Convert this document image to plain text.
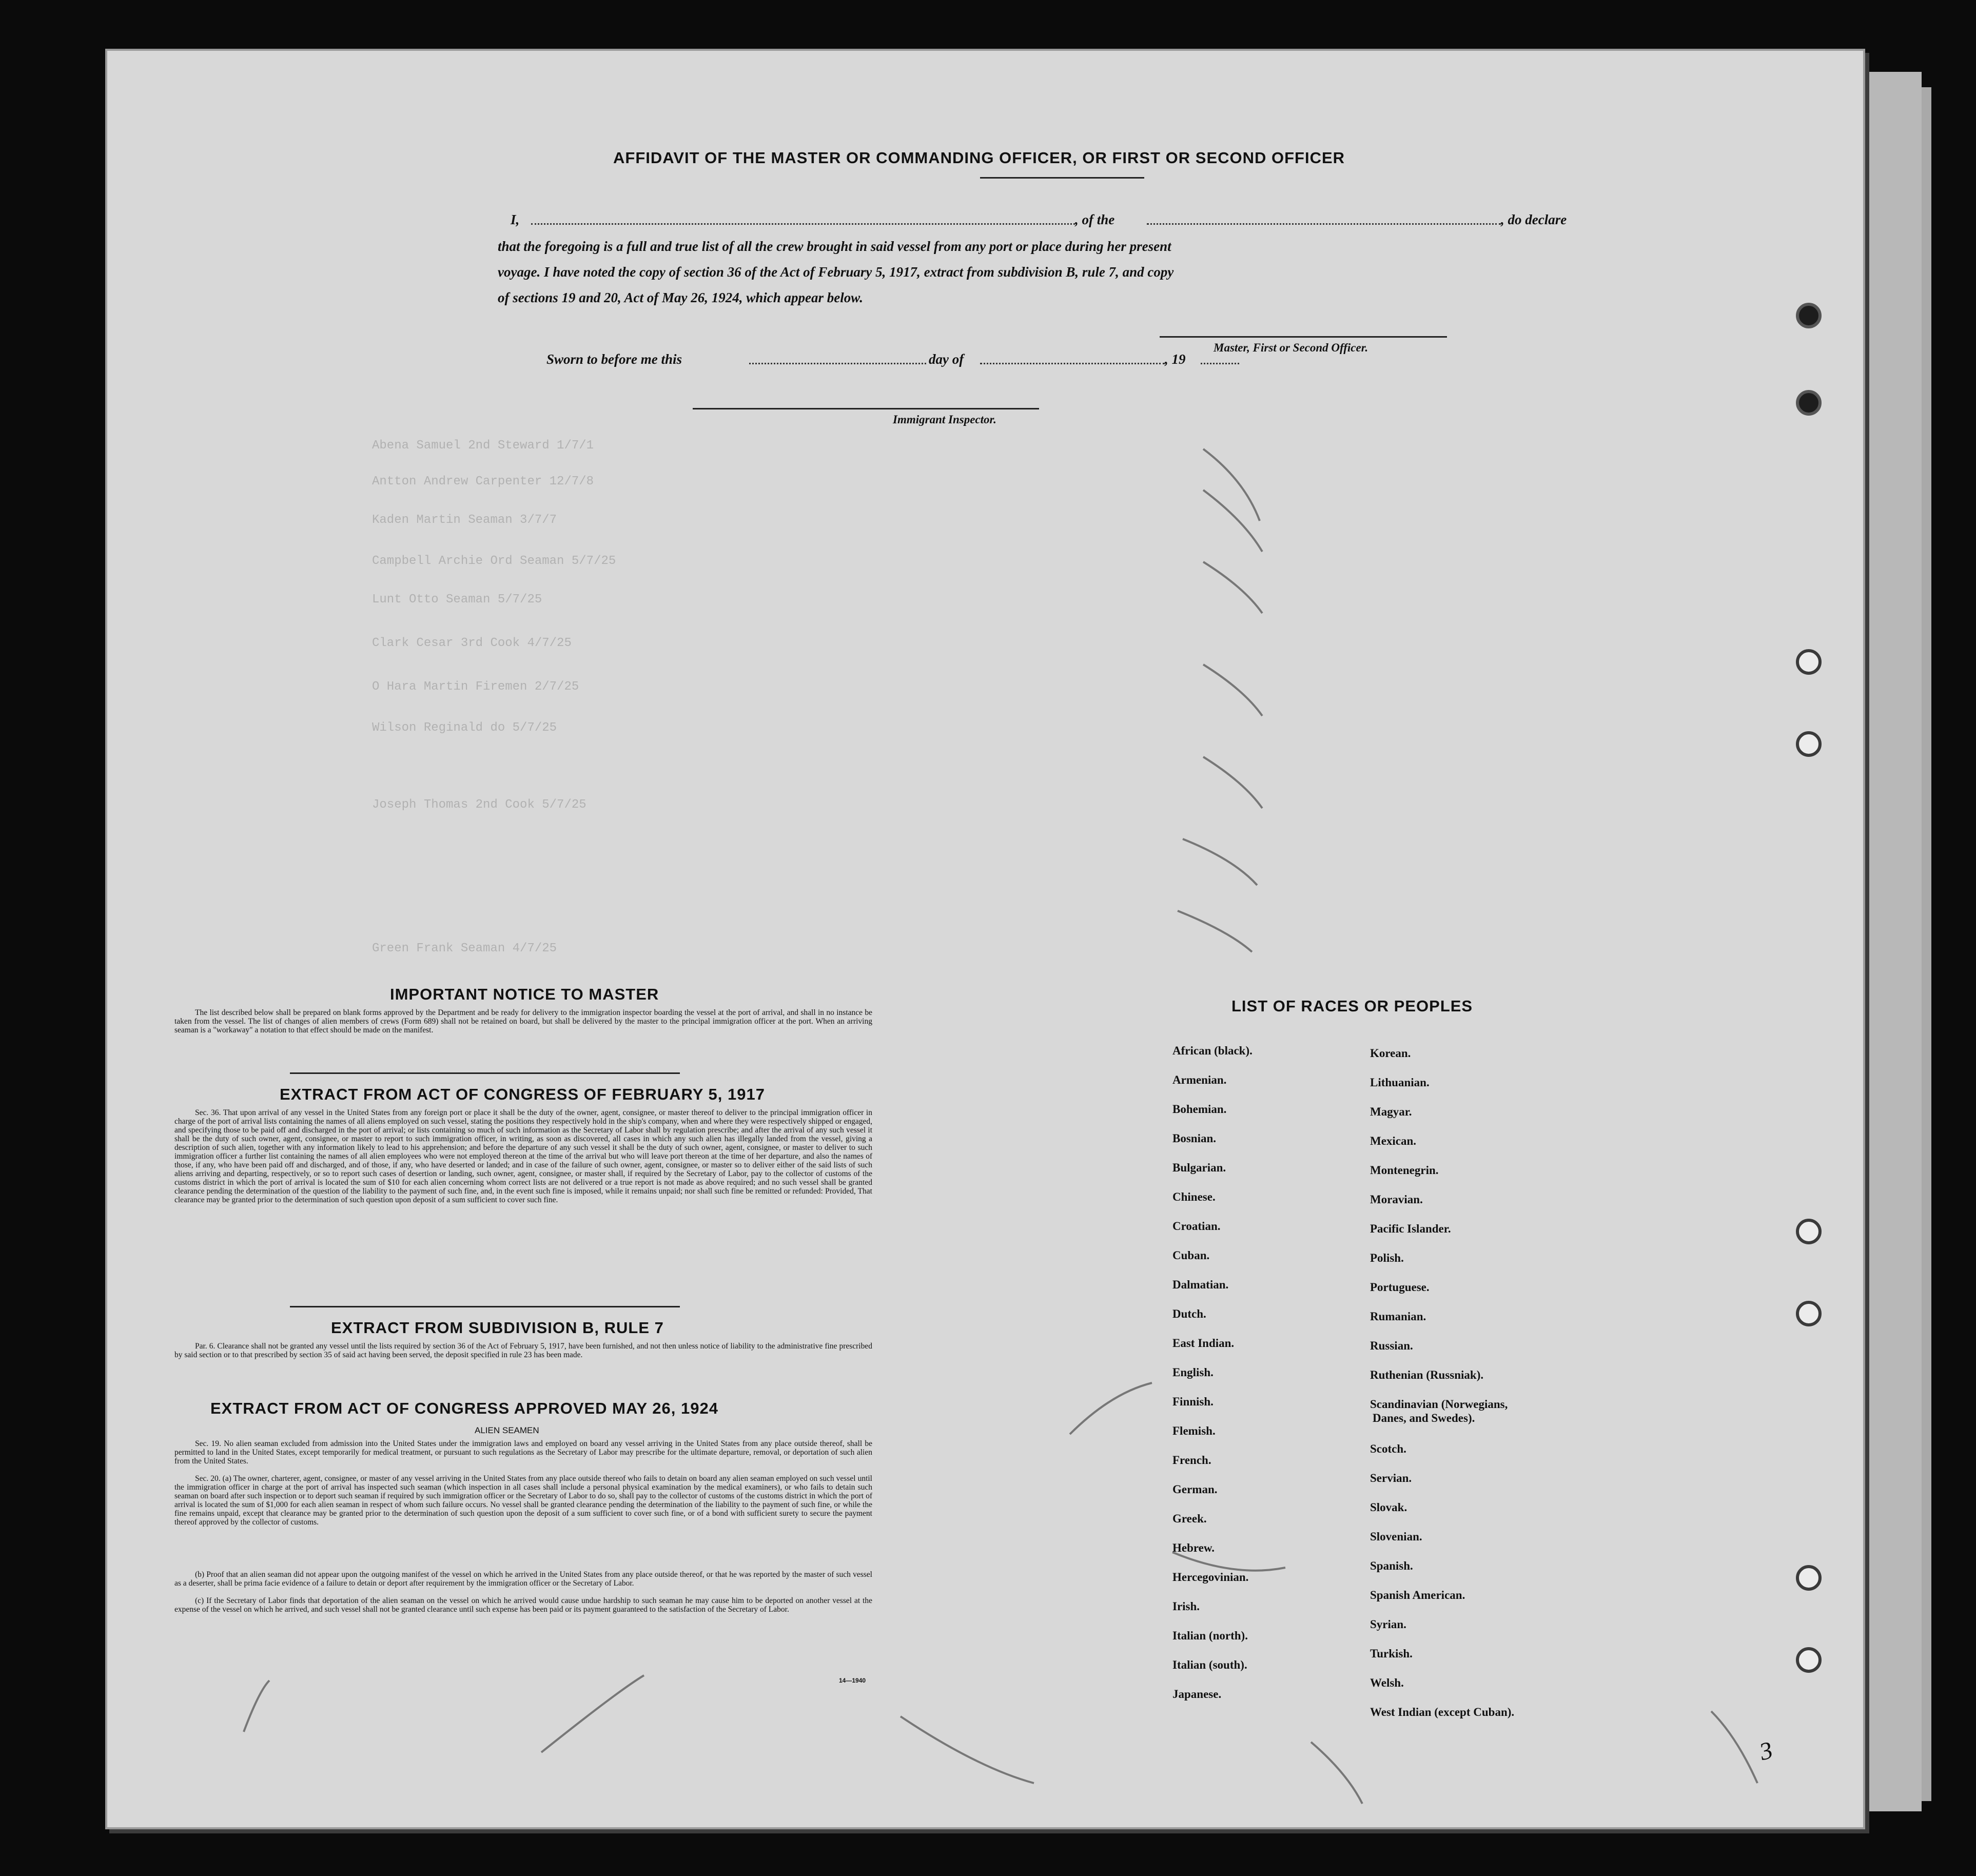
Abena Samuel 2nd Steward 1/7/1
Antton Andrew Carpenter 12/7/8
Kaden Martin Seaman 3/7/7
Campbell Archie Ord Seaman 5/7/25
Lunt Otto Seaman 5/7/25
Clark Cesar 3rd Cook 4/7/25
O Hara Martin Firemen 2/7/25
Wilson Reginald do 5/7/25
Joseph Thomas 2nd Cook 5/7/25
Green Frank Seaman 4/7/25
AFFIDAVIT OF THE MASTER OR COMMANDING OFFICER, OR FIRST OR SECOND OFFICER
I,	, of the	, do declare
that the foregoing is a full and true list of all the crew brought in said vessel from any port or place during her present
voyage. I have noted the copy of section 36 of the Act of February 5, 1917, extract from subdivision B, rule 7, and copy
of sections 19 and 20, Act of May 26, 1924, which appear below.
Master, First or Second Officer.
Sworn to before me this	day of	, 19
Immigrant Inspector.
IMPORTANT NOTICE TO MASTER
The list described below shall be prepared on blank forms approved by the Department and be ready for delivery to the immigration inspector boarding the vessel at the port of arrival, and shall in no instance be taken from the vessel. The list of changes of alien members of crews (Form 689) shall not be retained on board, but shall be delivered by the master to the principal immigration officer at the port. When an arriving seaman is a "workaway" a notation to that effect should be made on the manifest.
EXTRACT FROM ACT OF CONGRESS OF FEBRUARY 5, 1917
Sec. 36. That upon arrival of any vessel in the United States from any foreign port or place it shall be the duty of the owner, agent, consignee, or master thereof to deliver to the principal immigration officer in charge of the port of arrival lists containing the names of all aliens employed on such vessel, stating the positions they respectively hold in the ship's company, when and where they were respectively shipped or engaged, and specifying those to be paid off and discharged in the port of arrival; or lists containing so much of such information as the Secretary of Labor shall by regulation prescribe; and after the arrival of any such vessel it shall be the duty of such owner, agent, consignee, or master to report to such immigration officer, in writing, as soon as discovered, all cases in which any such alien has illegally landed from the vessel, giving a description of such alien, together with any information likely to lead to his apprehension; and before the departure of any such vessel it shall be the duty of such owner, agent, consignee, or master to deliver to such immigration officer a further list containing the names of all alien employees who were not employed thereon at the time of the arrival but who will leave port thereon at the time of her departure, and also the names of those, if any, who have been paid off and discharged, and of those, if any, who have deserted or landed; and in case of the failure of such owner, agent, consignee, or master so to deliver either of the said lists of such aliens arriving and departing, respectively, or so to report such cases of desertion or landing, such owner, agent, consignee, or master shall, if required by the Secretary of Labor, pay to the collector of customs of the customs district in which the port of arrival is located the sum of $10 for each alien concerning whom correct lists are not delivered or a true report is not made as above required; and no such vessel shall be granted clearance pending the determination of the question of the liability to the payment of such fine, and, in the event such fine is imposed, while it remains unpaid; nor shall such fine be remitted or refunded: Provided, That clearance may be granted prior to the determination of such question upon deposit of a sum sufficient to cover such fine.
EXTRACT FROM SUBDIVISION B, RULE 7
Par. 6. Clearance shall not be granted any vessel until the lists required by section 36 of the Act of February 5, 1917, have been furnished, and not then unless notice of liability to the administrative fine prescribed by said section or to that prescribed by section 35 of said act having been served, the deposit specified in rule 23 has been made.
EXTRACT FROM ACT OF CONGRESS APPROVED MAY 26, 1924
ALIEN SEAMEN
Sec. 19. No alien seaman excluded from admission into the United States under the immigration laws and employed on board any vessel arriving in the United States from any place outside thereof, shall be permitted to land in the United States, except temporarily for medical treatment, or pursuant to such regulations as the Secretary of Labor may prescribe for the ultimate departure, removal, or deportation of such alien from the United States.
Sec. 20. (a) The owner, charterer, agent, consignee, or master of any vessel arriving in the United States from any place outside thereof who fails to detain on board any alien seaman employed on such vessel until the immigration officer in charge at the port of arrival has inspected such seaman (which inspection in all cases shall include a personal physical examination by the medical examiners), or who fails to detain such seaman on board after such inspection or to deport such seaman if required by such immigration officer or the Secretary of Labor to do so, shall pay to the collector of customs of the customs district in which the port of arrival is located the sum of $1,000 for each alien seaman in respect of whom such failure occurs. No vessel shall be granted clearance pending the determination of the liability to the payment of such fine, or while the fine remains unpaid, except that clearance may be granted prior to the determination of such question upon the deposit of a sum sufficient to cover such fine, or of a bond with sufficient surety to secure the payment thereof approved by the collector of customs.
(b) Proof that an alien seaman did not appear upon the outgoing manifest of the vessel on which he arrived in the United States from any place outside thereof, or that he was reported by the master of such vessel as a deserter, shall be prima facie evidence of a failure to detain or deport after requirement by the immigration officer or the Secretary of Labor.
(c) If the Secretary of Labor finds that deportation of the alien seaman on the vessel on which he arrived would cause undue hardship to such seaman he may cause him to be deported on another vessel at the expense of the vessel on which he arrived, and such vessel shall not be granted clearance until such expense has been paid or its payment guaranteed to the satisfaction of the Secretary of Labor.
14—1940
LIST OF RACES OR PEOPLES
African (black).
Armenian.
Bohemian.
Bosnian.
Bulgarian.
Chinese.
Croatian.
Cuban.
Dalmatian.
Dutch.
East Indian.
English.
Finnish.
Flemish.
French.
German.
Greek.
Hebrew.
Hercegovinian.
Irish.
Italian (north).
Italian (south).
Japanese.
Korean.
Lithuanian.
Magyar.
Mexican.
Montenegrin.
Moravian.
Pacific Islander.
Polish.
Portuguese.
Rumanian.
Russian.
Ruthenian (Russniak).
Scandinavian (Norwegians,
Danes, and Swedes).
Scotch.
Servian.
Slovak.
Slovenian.
Spanish.
Spanish American.
Syrian.
Turkish.
Welsh.
West Indian (except Cuban).
3
